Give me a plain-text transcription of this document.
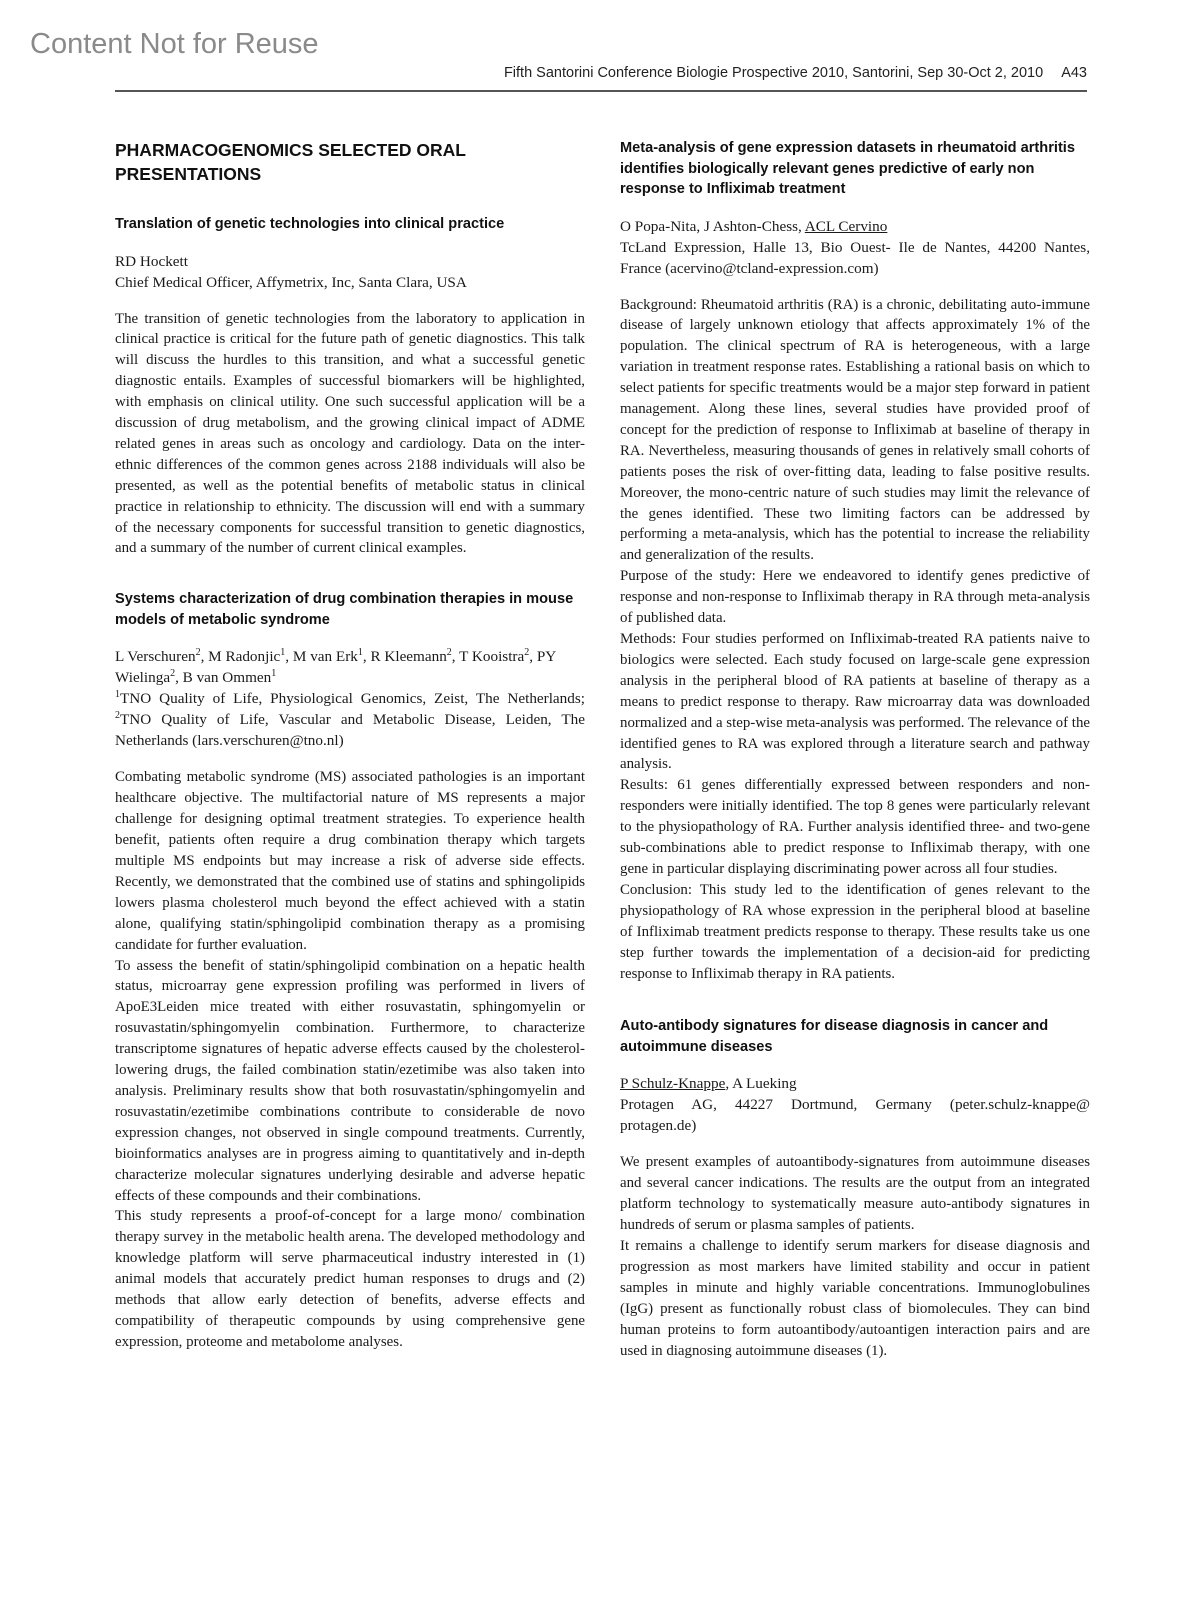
Content Not for Reuse
Fifth Santorini Conference Biologie Prospective 2010, Santorini, Sep 30-Oct 2, 2010 A43
PHARMACOGENOMICS SELECTED ORAL PRESENTATIONS
Translation of genetic technologies into clinical practice

RD Hockett

Chief Medical Officer, Affymetrix, Inc, Santa Clara, USA

The transition of genetic technologies from the laboratory to application in clinical practice is critical for the future path of genetic diagnostics. This talk will discuss the hurdles to this transition, and what a successful genetic diagnostic entails. Examples of successful biomarkers will be highlighted, with emphasis on clinical utility. One such successful application will be a discussion of drug metabolism, and the growing clinical impact of ADME related genes in areas such as oncology and cardiology. Data on the inter-ethnic differences of the common genes across 2188 individuals will also be presented, as well as the potential benefits of metabolic status in clinical practice in relationship to ethnicity. The discussion will end with a summary of the necessary components for successful transition to genetic diagnostics, and a summary of the number of current clinical examples.

Systems characterization of drug combination therapies in mouse models of metabolic syndrome

L Verschuren$^2$, M Radonjic$^1$, M van Erk$^1$, R Kleemann$^2$, T Kooistra$^2$, PY Wielinga$^2$, B van Ommen$^1$

$^1$TNO Quality of Life, Physiological Genomics, Zeist, The Netherlands; $^2$TNO Quality of Life, Vascular and Metabolic Disease, Leiden, The Netherlands (lars.verschuren@tno.nl)

Combating metabolic syndrome (MS) associated pathologies is an important healthcare objective. The multifactorial nature of MS represents a major challenge for designing optimal treatment strategies. To experience health benefit, patients often require a drug combination therapy which targets multiple MS endpoints but may increase a risk of adverse side effects. Recently, we demonstrated that the combined use of statins and sphingolipids lowers plasma cholesterol much beyond the effect achieved with a statin alone, qualifying statin/sphingolipid combination therapy as a promising candidate for further evaluation.

To assess the benefit of statin/sphingolipid combination on a hepatic health status, microarray gene expression profiling was performed in livers of ApoE3Leiden mice treated with either rosuvastatin, sphingomyelin or rosuvastatin/sphingomyelin combination. Furthermore, to characterize transcriptome signatures of hepatic adverse effects caused by the cholesterol-lowering drugs, the failed combination statin/ezetimibe was also taken into analysis. Preliminary results show that both rosuvastatin/sphingomyelin and rosuvastatin/ezetimibe combinations contribute to considerable de novo expression changes, not observed in single compound treatments. Currently, bioinformatics analyses are in progress aiming to quantitatively and in-depth characterize molecular signatures underlying desirable and adverse hepatic effects of these compounds and their combinations.

This study represents a proof-of-concept for a large mono/ combination therapy survey in the metabolic health arena. The developed methodology and knowledge platform will serve pharmaceutical industry interested in (1) animal models that accurately predict human responses to drugs and (2) methods that allow early detection of benefits, adverse effects and compatibility of therapeutic compounds by using comprehensive gene expression, proteome and metabolome analyses.

Meta-analysis of gene expression datasets in rheumatoid arthritis identifies biologically relevant genes predictive of early non response to Infliximab treatment

O Popa-Nita, J Ashton-Chess, ACL Cervino

TcLand Expression, Halle 13, Bio Ouest- Ile de Nantes, 44200 Nantes, France (acervino@tcland-expression.com)

Background: Rheumatoid arthritis (RA) is a chronic, debilitating auto-immune disease of largely unknown etiology that affects approximately 1% of the population. The clinical spectrum of RA is heterogeneous, with a large variation in treatment response rates. Establishing a rational basis on which to select patients for specific treatments would be a major step forward in patient management. Along these lines, several studies have provided proof of concept for the prediction of response to Infliximab at baseline of therapy in RA. Nevertheless, measuring thousands of genes in relatively small cohorts of patients poses the risk of over-fitting data, leading to false positive results. Moreover, the mono-centric nature of such studies may limit the relevance of the genes identified. These two limiting factors can be addressed by performing a meta-analysis, which has the potential to increase the reliability and generalization of the results.

Purpose of the study: Here we endeavored to identify genes predictive of response and non-response to Infliximab therapy in RA through meta-analysis of published data.

Methods: Four studies performed on Infliximab-treated RA patients naive to biologics were selected. Each study focused on large-scale gene expression analysis in the peripheral blood of RA patients at baseline of therapy as a means to predict response to therapy. Raw microarray data was downloaded normalized and a step-wise meta-analysis was performed. The relevance of the identified genes to RA was explored through a literature search and pathway analysis.

Results: 61 genes differentially expressed between responders and non-responders were initially identified. The top 8 genes were particularly relevant to the physiopathology of RA. Further analysis identified three- and two-gene sub-combinations able to predict response to Infliximab therapy, with one gene in particular displaying discriminating power across all four studies.

Conclusion: This study led to the identification of genes relevant to the physiopathology of RA whose expression in the peripheral blood at baseline of Infliximab treatment predicts response to therapy. These results take us one step further towards the implementation of a decision-aid for predicting response to Infliximab therapy in RA patients.

Auto-antibody signatures for disease diagnosis in cancer and autoimmune diseases

P Schulz-Knappe, A Lueking

Protagen AG, 44227 Dortmund, Germany (peter.schulz-knappe@ protagen.de)

We present examples of autoantibody-signatures from autoimmune diseases and several cancer indications. The results are the output from an integrated platform technology to systematically measure auto-antibody signatures in hundreds of serum or plasma samples of patients.

It remains a challenge to identify serum markers for disease diagnosis and progression as most markers have limited stability and occur in patient samples in minute and highly variable concentrations. Immunoglobulines (IgG) present as functionally robust class of biomolecules. They can bind human proteins to form autoantibody/autoantigen interaction pairs and are used in diagnosing autoimmune diseases (1).
